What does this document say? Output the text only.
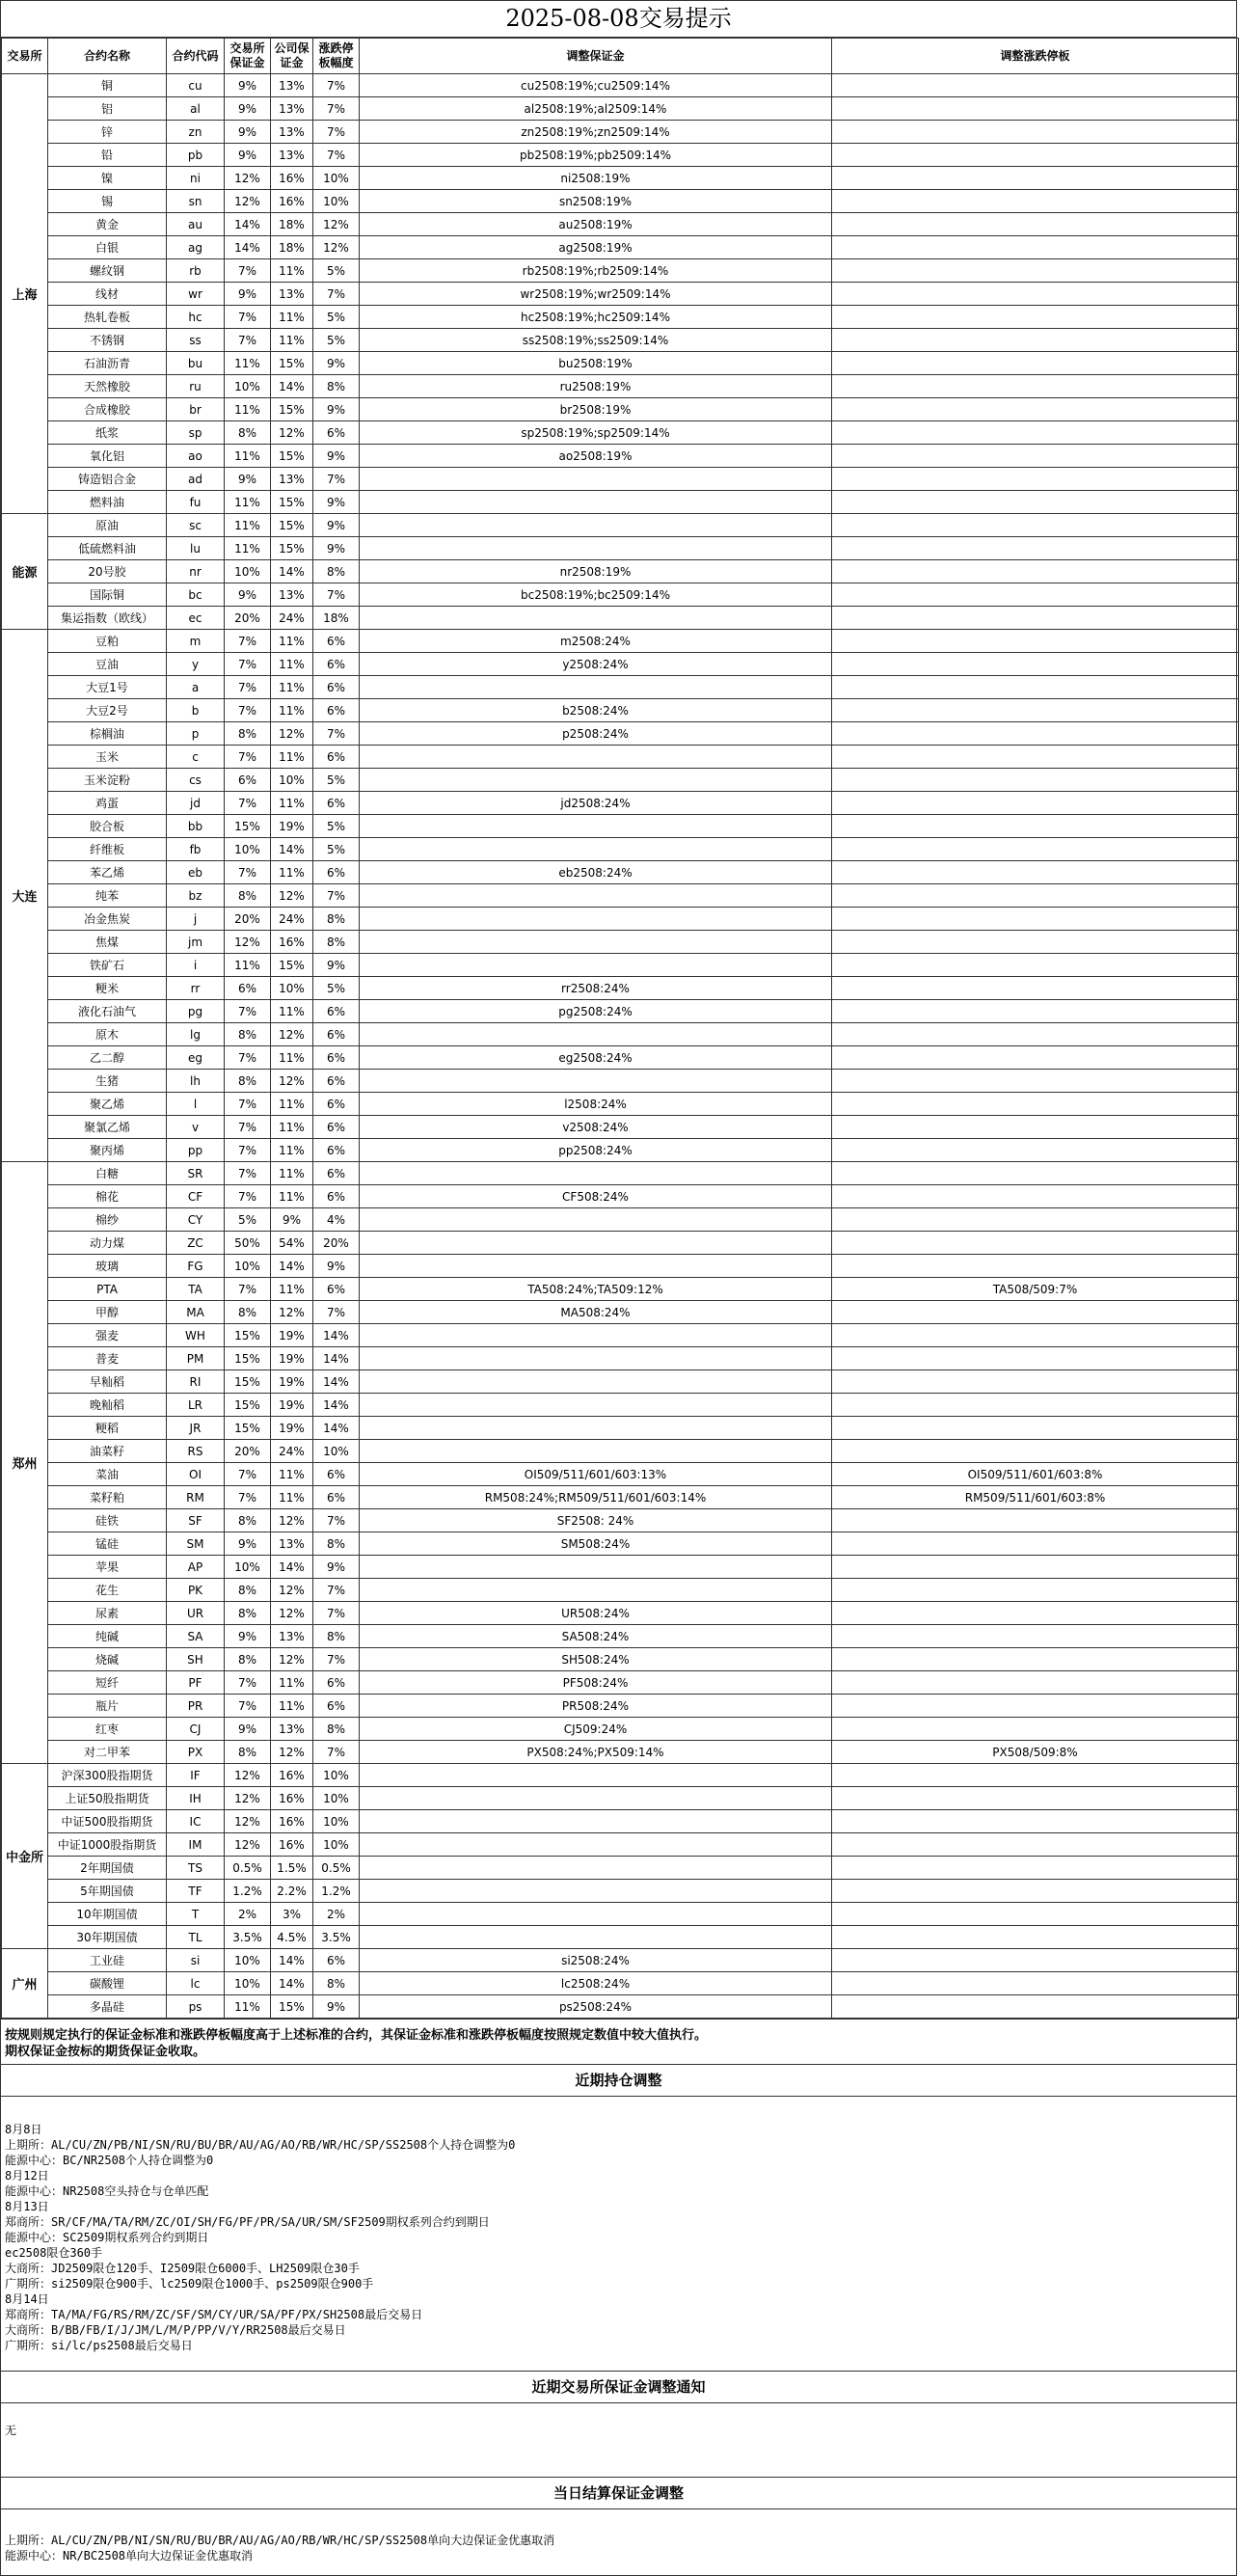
2025-08-08交易提示
交易所	合约名称	合约代码	交易所保证金	公司保证金	涨跌停板幅度	调整保证金	调整涨跌停板
上海	铜	cu	9%	13%	7%	cu2508:19%;cu2509:14%	
	铝	al	9%	13%	7%	al2508:19%;al2509:14%	
	锌	zn	9%	13%	7%	zn2508:19%;zn2509:14%	
	铅	pb	9%	13%	7%	pb2508:19%;pb2509:14%	
	镍	ni	12%	16%	10%	ni2508:19%	
	锡	sn	12%	16%	10%	sn2508:19%	
	黄金	au	14%	18%	12%	au2508:19%	
	白银	ag	14%	18%	12%	ag2508:19%	
	螺纹钢	rb	7%	11%	5%	rb2508:19%;rb2509:14%	
	线材	wr	9%	13%	7%	wr2508:19%;wr2509:14%	
	热轧卷板	hc	7%	11%	5%	hc2508:19%;hc2509:14%	
	不锈钢	ss	7%	11%	5%	ss2508:19%;ss2509:14%	
	石油沥青	bu	11%	15%	9%	bu2508:19%	
	天然橡胶	ru	10%	14%	8%	ru2508:19%	
	合成橡胶	br	11%	15%	9%	br2508:19%	
	纸浆	sp	8%	12%	6%	sp2508:19%;sp2509:14%	
	氧化铝	ao	11%	15%	9%	ao2508:19%	
	铸造铝合金	ad	9%	13%	7%		
	燃料油	fu	11%	15%	9%		
能源	原油	sc	11%	15%	9%		
	低硫燃料油	lu	11%	15%	9%		
	20号胶	nr	10%	14%	8%	nr2508:19%	
	国际铜	bc	9%	13%	7%	bc2508:19%;bc2509:14%	
	集运指数（欧线）	ec	20%	24%	18%		
大连	豆粕	m	7%	11%	6%	m2508:24%	
	豆油	y	7%	11%	6%	y2508:24%	
	大豆1号	a	7%	11%	6%		
	大豆2号	b	7%	11%	6%	b2508:24%	
	棕榈油	p	8%	12%	7%	p2508:24%	
	玉米	c	7%	11%	6%		
	玉米淀粉	cs	6%	10%	5%		
	鸡蛋	jd	7%	11%	6%	jd2508:24%	
	胶合板	bb	15%	19%	5%		
	纤维板	fb	10%	14%	5%		
	苯乙烯	eb	7%	11%	6%	eb2508:24%	
	纯苯	bz	8%	12%	7%		
	冶金焦炭	j	20%	24%	8%		
	焦煤	jm	12%	16%	8%		
	铁矿石	i	11%	15%	9%		
	粳米	rr	6%	10%	5%	rr2508:24%	
	液化石油气	pg	7%	11%	6%	pg2508:24%	
	原木	lg	8%	12%	6%		
	乙二醇	eg	7%	11%	6%	eg2508:24%	
	生猪	lh	8%	12%	6%		
	聚乙烯	l	7%	11%	6%	l2508:24%	
	聚氯乙烯	v	7%	11%	6%	v2508:24%	
	聚丙烯	pp	7%	11%	6%	pp2508:24%	
郑州	白糖	SR	7%	11%	6%		
	棉花	CF	7%	11%	6%	CF508:24%	
	棉纱	CY	5%	9%	4%		
	动力煤	ZC	50%	54%	20%		
	玻璃	FG	10%	14%	9%		
	PTA	TA	7%	11%	6%	TA508:24%;TA509:12%	TA508/509:7%
	甲醇	MA	8%	12%	7%	MA508:24%	
	强麦	WH	15%	19%	14%		
	普麦	PM	15%	19%	14%		
	早籼稻	RI	15%	19%	14%		
	晚籼稻	LR	15%	19%	14%		
	粳稻	JR	15%	19%	14%		
	油菜籽	RS	20%	24%	10%		
	菜油	OI	7%	11%	6%	OI509/511/601/603:13%	OI509/511/601/603:8%
	菜籽粕	RM	7%	11%	6%	RM508:24%;RM509/511/601/603:14%	RM509/511/601/603:8%
	硅铁	SF	8%	12%	7%	SF2508: 24%	
	锰硅	SM	9%	13%	8%	SM508:24%	
	苹果	AP	10%	14%	9%		
	花生	PK	8%	12%	7%		
	尿素	UR	8%	12%	7%	UR508:24%	
	纯碱	SA	9%	13%	8%	SA508:24%	
	烧碱	SH	8%	12%	7%	SH508:24%	
	短纤	PF	7%	11%	6%	PF508:24%	
	瓶片	PR	7%	11%	6%	PR508:24%	
	红枣	CJ	9%	13%	8%	CJ509:24%	
	对二甲苯	PX	8%	12%	7%	PX508:24%;PX509:14%	PX508/509:8%
中金所	沪深300股指期货	IF	12%	16%	10%		
	上证50股指期货	IH	12%	16%	10%		
	中证500股指期货	IC	12%	16%	10%		
	中证1000股指期货	IM	12%	16%	10%		
	2年期国债	TS	0.5%	1.5%	0.5%		
	5年期国债	TF	1.2%	2.2%	1.2%		
	10年期国债	T	2%	3%	2%		
	30年期国债	TL	3.5%	4.5%	3.5%		
广州	工业硅	si	10%	14%	6%	si2508:24%	
	碳酸锂	lc	10%	14%	8%	lc2508:24%	
	多晶硅	ps	11%	15%	9%	ps2508:24%	
按规则规定执行的保证金标准和涨跌停板幅度高于上述标准的合约，其保证金标准和涨跌停板幅度按照规定数值中较大值执行。
期权保证金按标的期货保证金收取。
近期持仓调整
8月8日
上期所：AL/CU/ZN/PB/NI/SN/RU/BU/BR/AU/AG/AO/RB/WR/HC/SP/SS2508个人持仓调整为0
能源中心：BC/NR2508个人持仓调整为0
8月12日
能源中心：NR2508空头持仓与仓单匹配
8月13日
郑商所：SR/CF/MA/TA/RM/ZC/OI/SH/FG/PF/PR/SA/UR/SM/SF2509期权系列合约到期日
能源中心：SC2509期权系列合约到期日
ec2508限仓360手
大商所：JD2509限仓120手、I2509限仓6000手、LH2509限仓30手
广期所：si2509限仓900手、lc2509限仓1000手、ps2509限仓900手
8月14日
郑商所：TA/MA/FG/RS/RM/ZC/SF/SM/CY/UR/SA/PF/PX/SH2508最后交易日
大商所：B/BB/FB/I/J/JM/L/M/P/PP/V/Y/RR2508最后交易日
广期所：si/lc/ps2508最后交易日
近期交易所保证金调整通知
无
当日结算保证金调整
上期所：AL/CU/ZN/PB/NI/SN/RU/BU/BR/AU/AG/AO/RB/WR/HC/SP/SS2508单向大边保证金优惠取消
能源中心：NR/BC2508单向大边保证金优惠取消
